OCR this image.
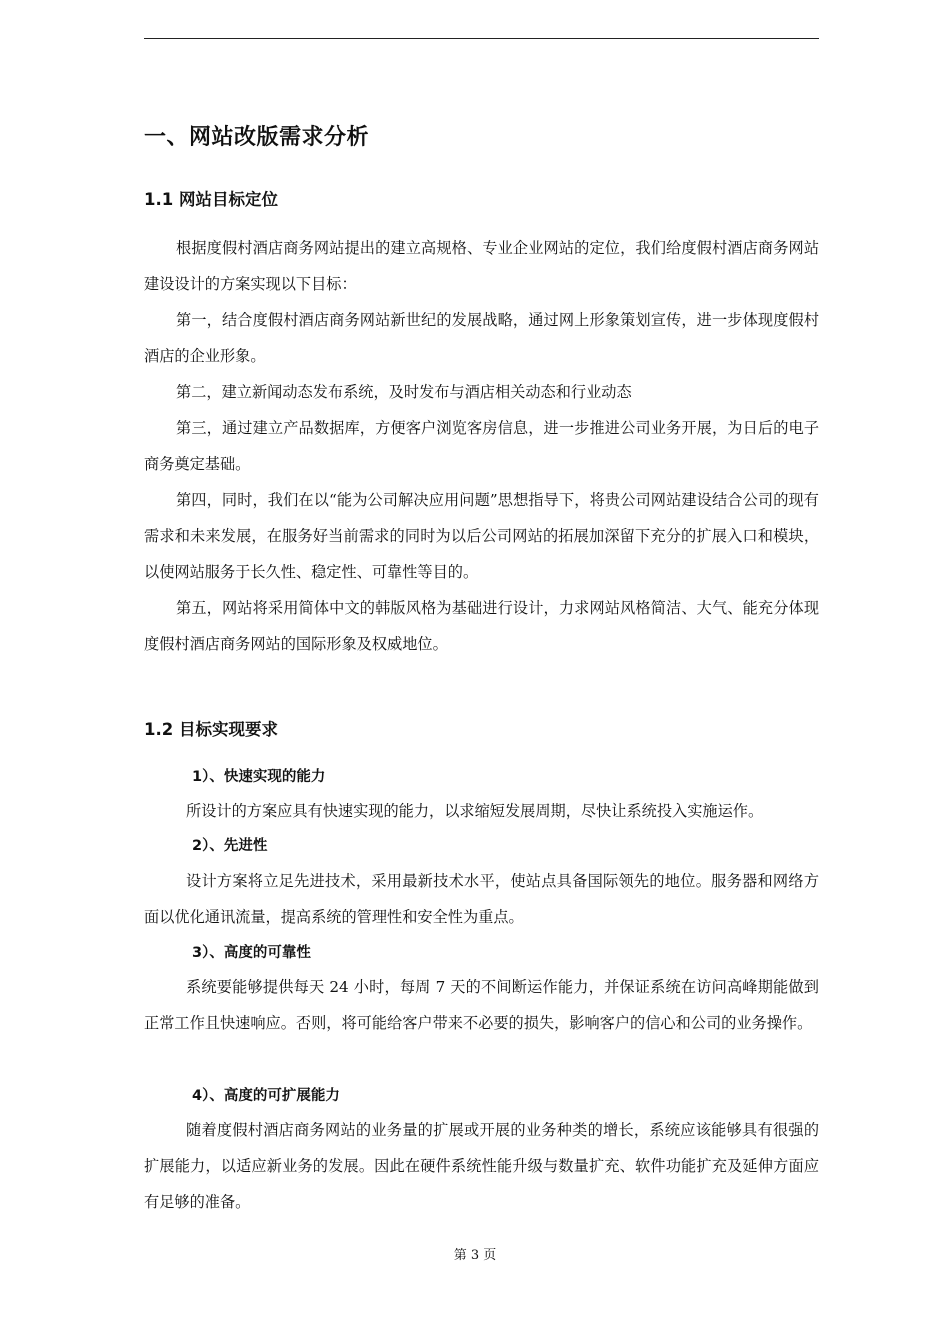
一、网站改版需求分析
1.1 网站目标定位

根据度假村酒店商务网站提出的建立高规格、专业企业网站的定位，我们给度假村酒店商务网站建设设计的方案实现以下目标：

第一，结合度假村酒店商务网站新世纪的发展战略，通过网上形象策划宣传，进一步体现度假村酒店的企业形象。

第二，建立新闻动态发布系统，及时发布与酒店相关动态和行业动态

第三，通过建立产品数据库，方便客户浏览客房信息，进一步推进公司业务开展，为日后的电子商务奠定基础。

第四，同时，我们在以“能为公司解决应用问题”思想指导下，将贵公司网站建设结合公司的现有需求和未来发展，在服务好当前需求的同时为以后公司网站的拓展加深留下充分的扩展入口和模块，以使网站服务于长久性、稳定性、可靠性等目的。

第五，网站将采用简体中文的韩版风格为基础进行设计，力求网站风格简洁、大气、能充分体现度假村酒店商务网站的国际形象及权威地位。

1.2 目标实现要求
1）、快速实现的能力

所设计的方案应具有快速实现的能力，以求缩短发展周期，尽快让系统投入实施运作。

2）、先进性

设计方案将立足先进技术，采用最新技术水平，使站点具备国际领先的地位。服务器和网络方面以优化通讯流量，提高系统的管理性和安全性为重点。

3）、高度的可靠性

系统要能够提供每天 24 小时，每周 7 天的不间断运作能力，并保证系统在访问高峰期能做到正常工作且快速响应。否则，将可能给客户带来不必要的损失，影响客户的信心和公司的业务操作。

4）、高度的可扩展能力

随着度假村酒店商务网站的业务量的扩展或开展的业务种类的增长，系统应该能够具有很强的扩展能力，以适应新业务的发展。因此在硬件系统性能升级与数量扩充、软件功能扩充及延伸方面应有足够的准备。

第 3 页
